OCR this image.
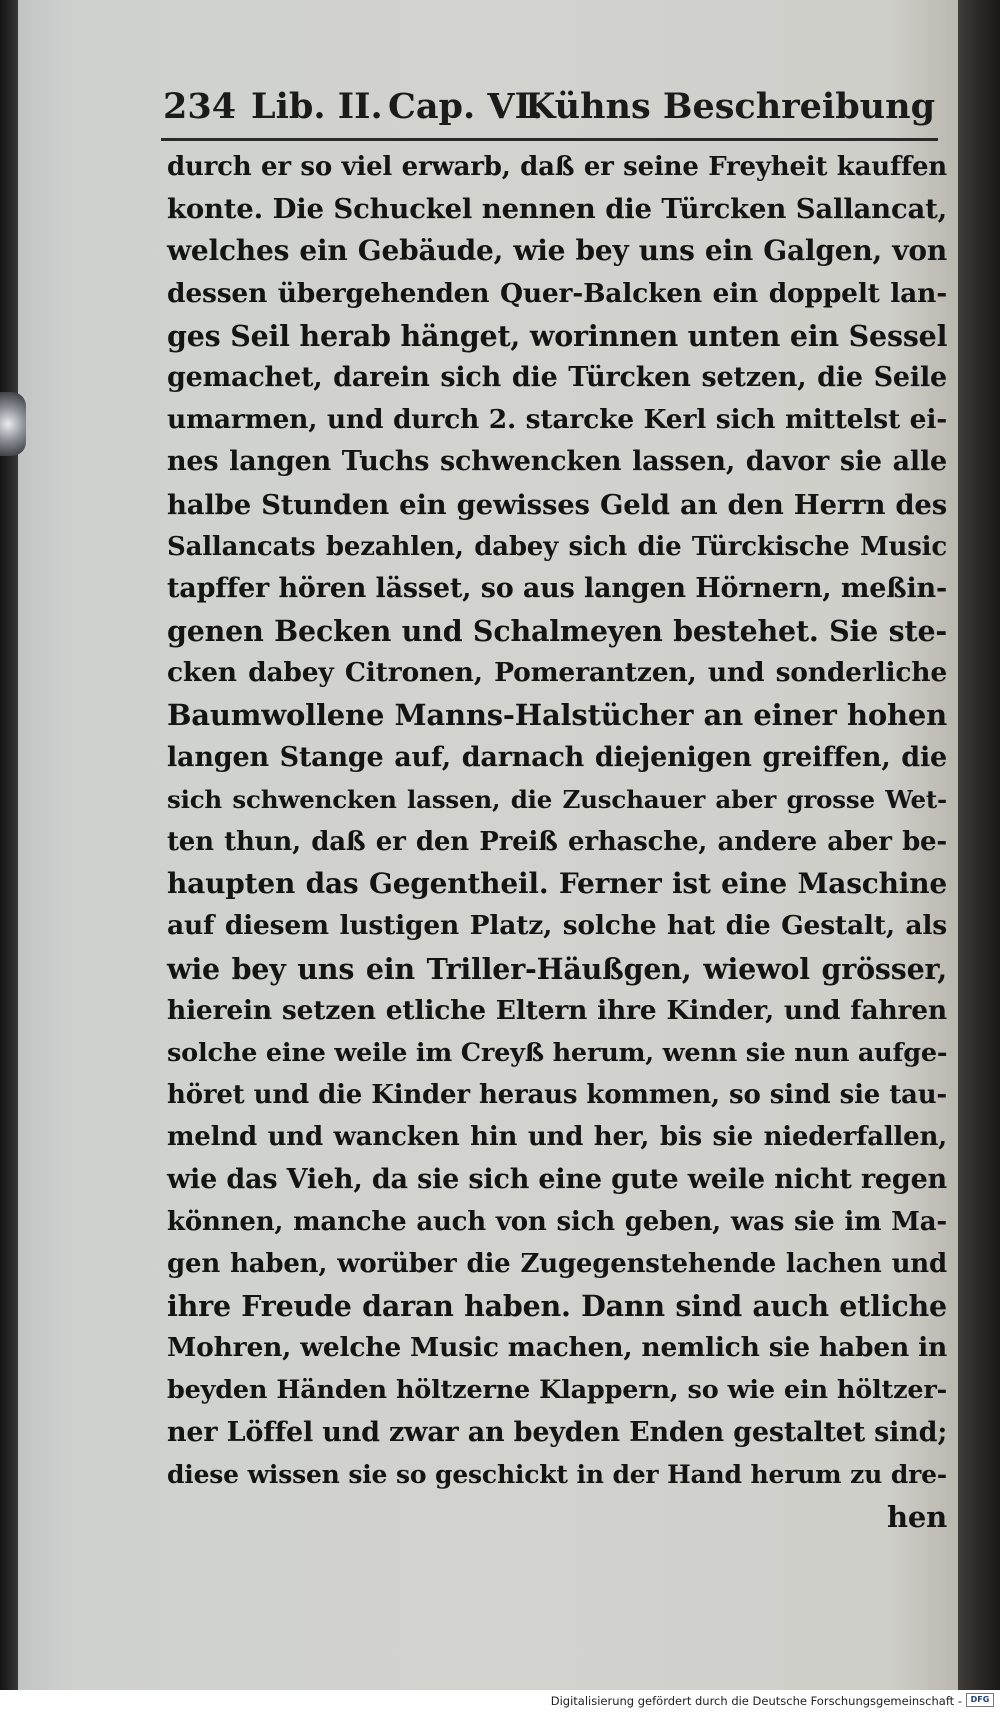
234 Lib. II. Cap. VI.
Kühns Beschreibung
durch er so viel erwarb, daß er seine Freyheit kauffen
konte. Die Schuckel nennen die Türcken Sallancat,
welches ein Gebäude, wie bey uns ein Galgen, von
dessen übergehenden Quer-Balcken ein doppelt lan-
ges Seil herab hänget, worinnen unten ein Sessel
gemachet, darein sich die Türcken setzen, die Seile
umarmen, und durch 2. starcke Kerl sich mittelst ei-
nes langen Tuchs schwencken lassen, davor sie alle
halbe Stunden ein gewisses Geld an den Herrn des
Sallancats bezahlen, dabey sich die Türckische Music
tapffer hören lässet, so aus langen Hörnern, meßin-
genen Becken und Schalmeyen bestehet. Sie ste-
cken dabey Citronen, Pomerantzen, und sonderliche
Baumwollene Manns-Halstücher an einer hohen
langen Stange auf, darnach diejenigen greiffen, die
sich schwencken lassen, die Zuschauer aber grosse Wet-
ten thun, daß er den Preiß erhasche, andere aber be-
haupten das Gegentheil. Ferner ist eine Maschine
auf diesem lustigen Platz, solche hat die Gestalt, als
wie bey uns ein Triller-Häußgen, wiewol grösser,
hierein setzen etliche Eltern ihre Kinder, und fahren
solche eine weile im Creyß herum, wenn sie nun aufge-
höret und die Kinder heraus kommen, so sind sie tau-
melnd und wancken hin und her, bis sie niederfallen,
wie das Vieh, da sie sich eine gute weile nicht regen
können, manche auch von sich geben, was sie im Ma-
gen haben, worüber die Zugegenstehende lachen und
ihre Freude daran haben. Dann sind auch etliche
Mohren, welche Music machen, nemlich sie haben in
beyden Händen höltzerne Klappern, so wie ein höltzer-
ner Löffel und zwar an beyden Enden gestaltet sind;
diese wissen sie so geschickt in der Hand herum zu dre-
hen
Digitalisierung gefördert durch die Deutsche Forschungsgemeinschaft -	DFG
